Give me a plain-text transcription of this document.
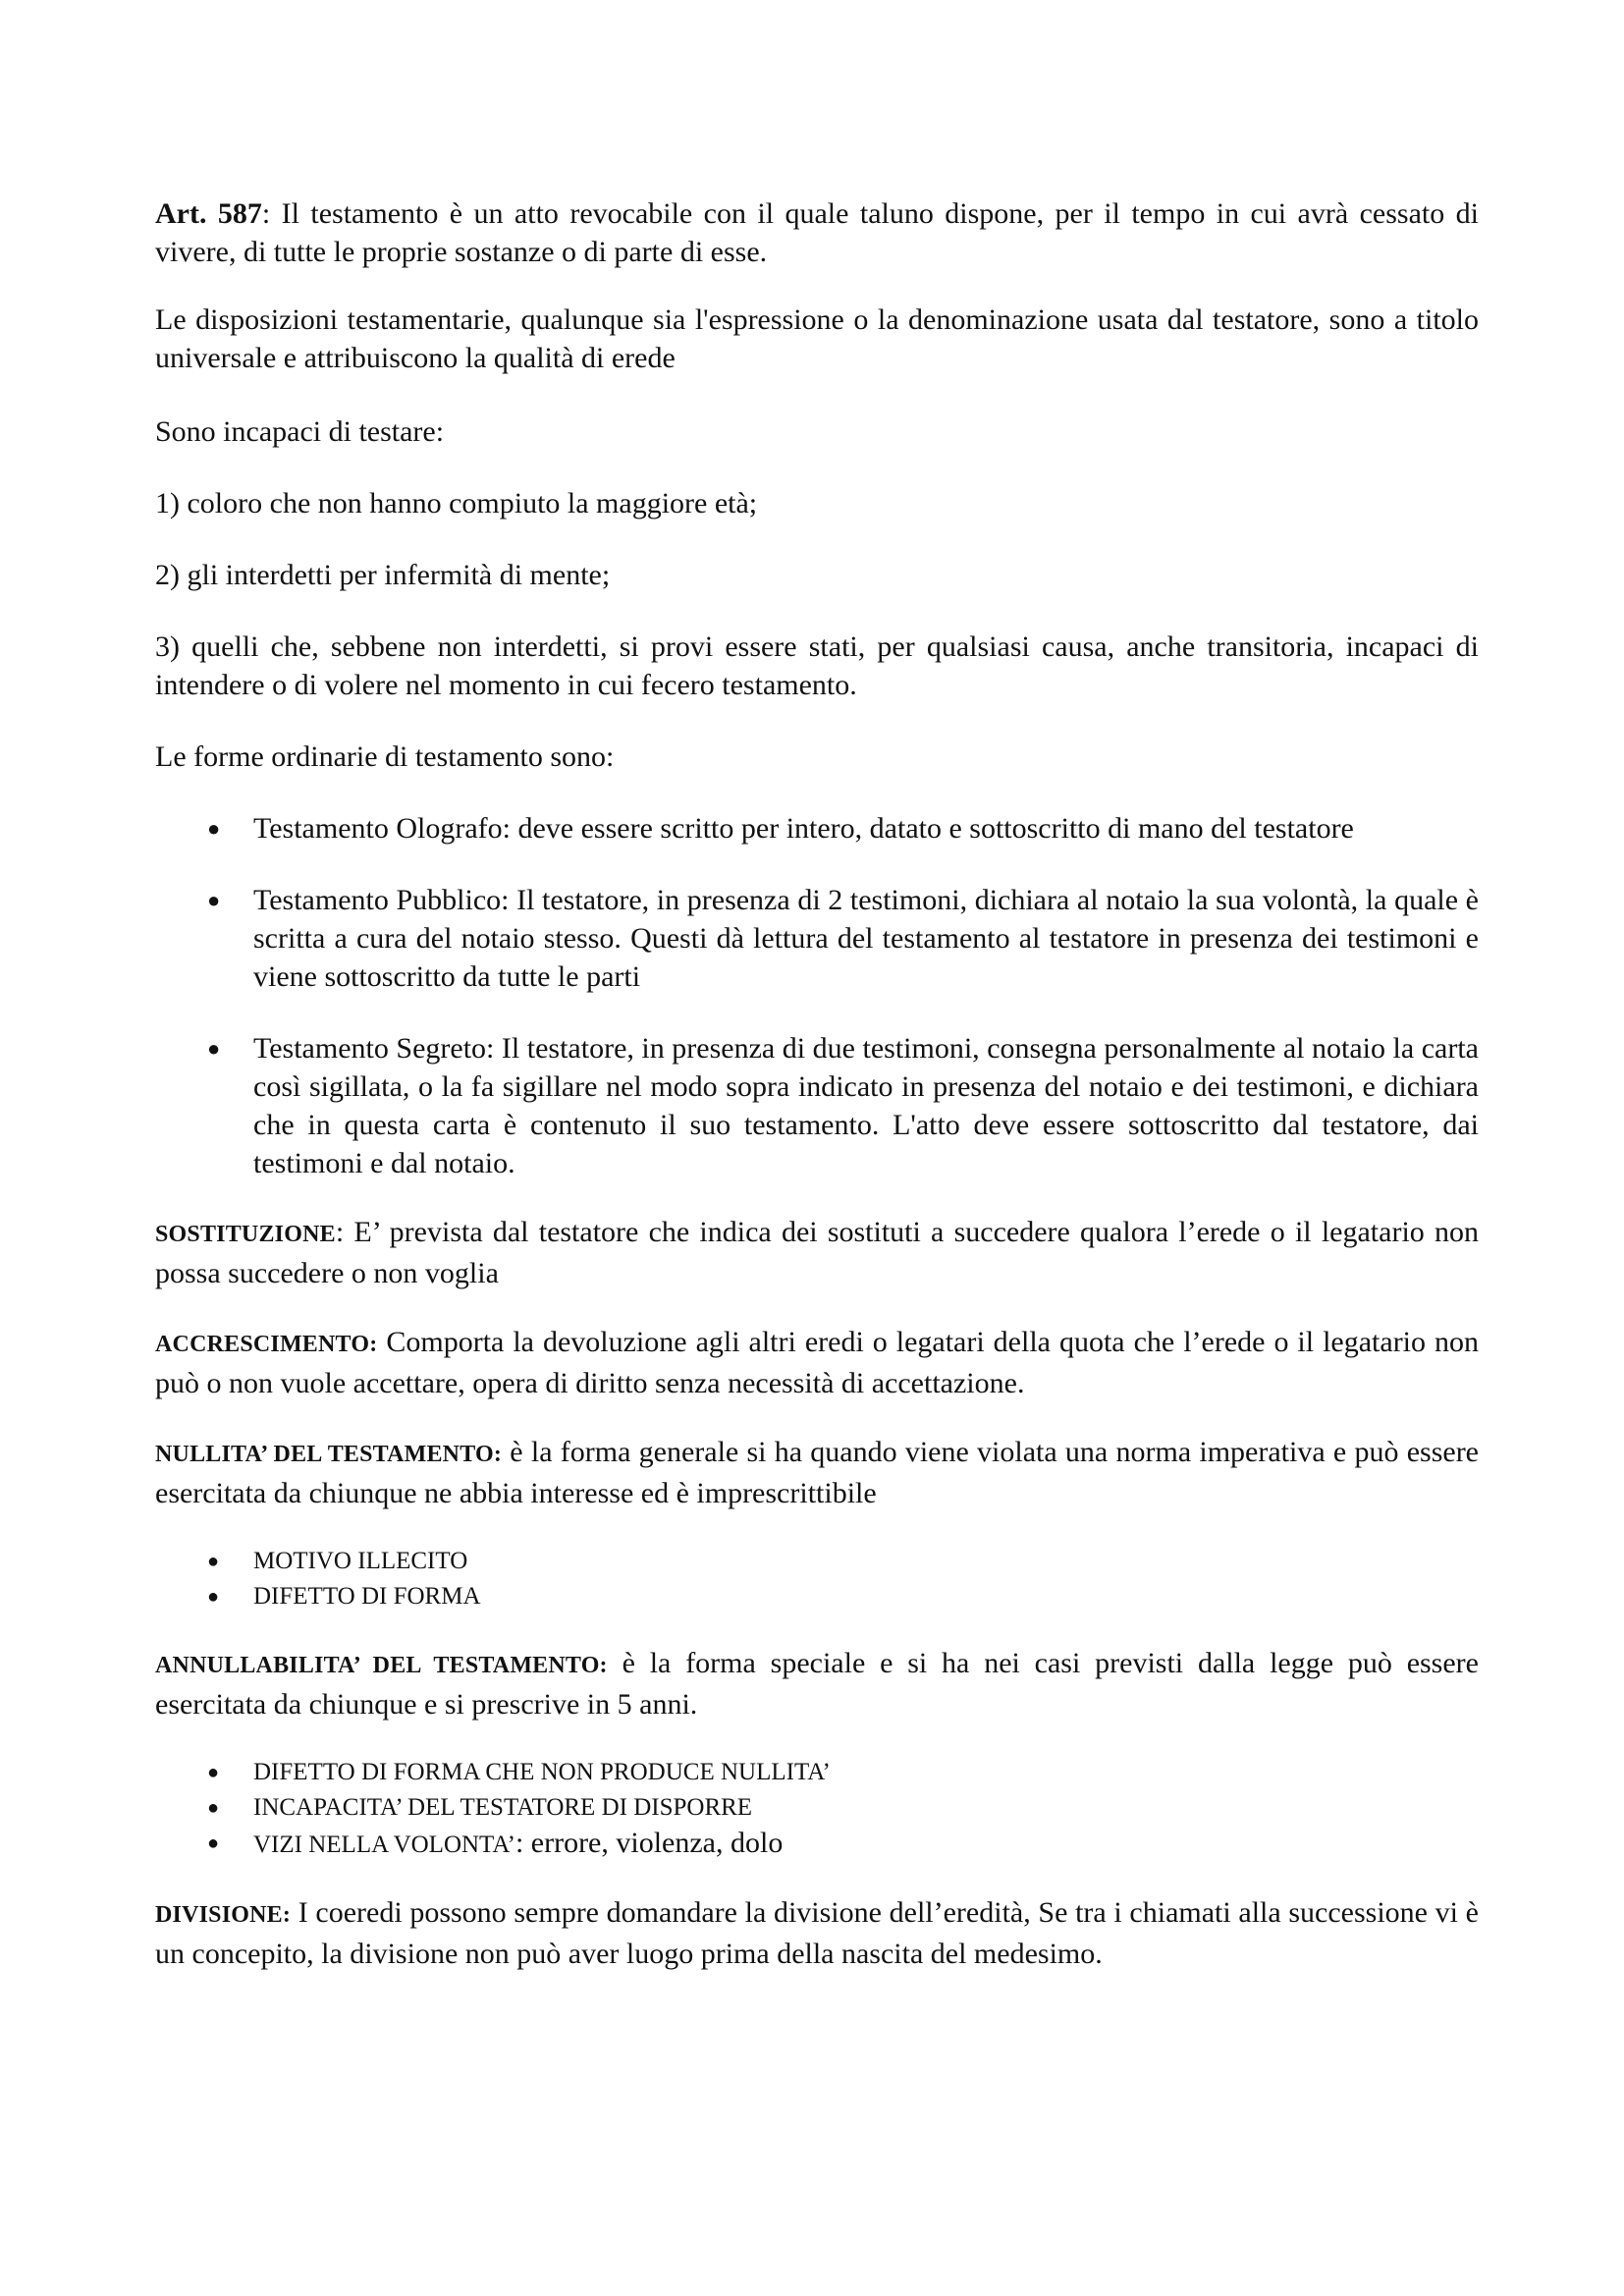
Art. 587: Il testamento è un atto revocabile con il quale taluno dispone, per il tempo in cui avrà cessato di vivere, di tutte le proprie sostanze o di parte di esse.

Le disposizioni testamentarie, qualunque sia l'espressione o la denominazione usata dal testatore, sono a titolo universale e attribuiscono la qualità di erede

Sono incapaci di testare:

1) coloro che non hanno compiuto la maggiore età;

2) gli interdetti per infermità di mente;

3) quelli che, sebbene non interdetti, si provi essere stati, per qualsiasi causa, anche transitoria, incapaci di intendere o di volere nel momento in cui fecero testamento.

Le forme ordinarie di testamento sono:

● Testamento Olografo: deve essere scritto per intero, datato e sottoscritto di mano del testatore
● Testamento Pubblico: Il testatore, in presenza di 2 testimoni, dichiara al notaio la sua volontà, la quale è scritta a cura del notaio stesso. Questi dà lettura del testamento al testatore in presenza dei testimoni e viene sottoscritto da tutte le parti
● Testamento Segreto: Il testatore, in presenza di due testimoni, consegna personalmente al notaio la carta così sigillata, o la fa sigillare nel modo sopra indicato in presenza del notaio e dei testimoni, e dichiara che in questa carta è contenuto il suo testamento. L'atto deve essere sottoscritto dal testatore, dai testimoni e dal notaio.

SOSTITUZIONE: E’ prevista dal testatore che indica dei sostituti a succedere qualora l’erede o il legatario non possa succedere o non voglia

ACCRESCIMENTO: Comporta la devoluzione agli altri eredi o legatari della quota che l’erede o il legatario non può o non vuole accettare, opera di diritto senza necessità di accettazione.

NULLITA’ DEL TESTAMENTO: è la forma generale si ha quando viene violata una norma imperativa e può essere esercitata da chiunque ne abbia interesse ed è imprescrittibile

● MOTIVO ILLECITO
● DIFETTO DI FORMA

ANNULLABILITA’ DEL TESTAMENTO: è la forma speciale e si ha nei casi previsti dalla legge può essere esercitata da chiunque e si prescrive in 5 anni.

● DIFETTO DI FORMA CHE NON PRODUCE NULLITA’
● INCAPACITA’ DEL TESTATORE DI DISPORRE
● VIZI NELLA VOLONTA’: errore, violenza, dolo

DIVISIONE: I coeredi possono sempre domandare la divisione dell’eredità, Se tra i chiamati alla successione vi è un concepito, la divisione non può aver luogo prima della nascita del medesimo.
